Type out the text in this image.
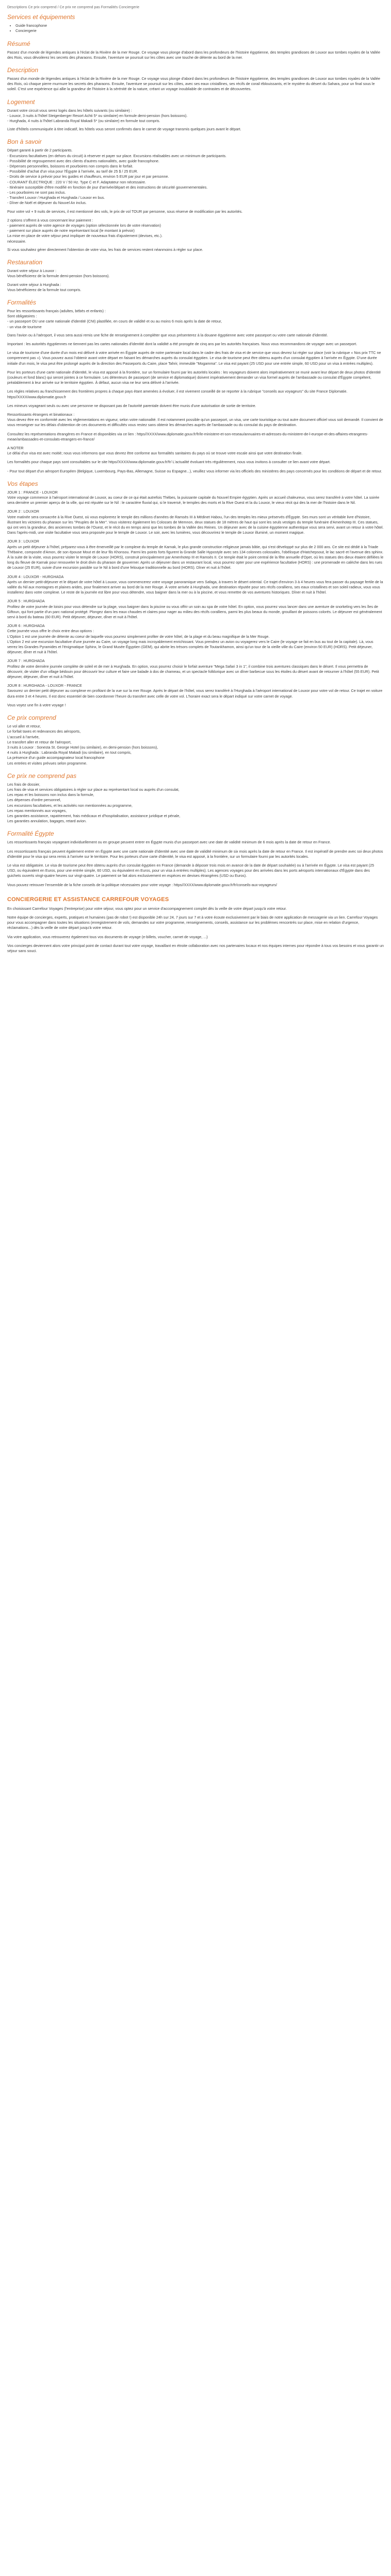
Descriptions Ce prix comprend / Ce prix ne comprend pas Formalités Conciergerie
Services et équipements
• Guide francophone
• Conciergerie
Résumé

Passez d'un monde de légendes antiques à l'éclat de la Rivière de la mer Rouge. Ce voyage vous plonge d'abord dans les profondeurs de l'histoire égyptienne, des temples grandioses de Louxor aux tombes royales de la Vallée des Rois, vous dévoilerez les secrets des pharaons. Ensuite, l'aventure se poursuit sur les côtes avec une touche de détente au bord de la mer.

Description

Passez d'un monde de légendes antiques à l'éclat de la Rivière de la mer Rouge. Ce voyage vous plonge d'abord dans les profondeurs de l'histoire égyptienne, des temples grandioses de Louxor aux tombes royales de la Vallée des Rois, où chaque pierre murmure les secrets des pharaons. Ensuite, l'aventure se poursuit sur les côtes, avec ses eaux cristallines, ses récifs de corail éblouissants, et le mystère du désert du Sahara, pour un final sous le soleil. C'est une expérience qui allie la grandeur de l'histoire à la sérénité de la nature, créant un voyage inoubliable de contrastes et de découvertes.

Logement

Durant votre circuit vous serez logés dans les hôtels suivants (ou similaire) :

- Louxor, 3 nuits à l'hôtel Steigenberger Resort Achti 5* ou similaire) en formule demi-pension (hors boissons).

- Hurghada, 4 nuits à l'hôtel Labranda Royal Makadi 5* (ou similaire) en formule tout compris.

Liste d'hôtels communiquée à titre indicatif, les hôtels vous seront confirmés dans le carnet de voyage transmis quelques jours avant le départ.

Bon à savoir

Départ garanti à partir de 2 participants.

- Excursions facultatives (en dehors du circuit) à réserver et payer sur place. Excursions réalisables avec un minimum de participants.

- Possibilité de regroupement avec des clients d'autres nationalités, avec guide francophone.

- Dépenses personnelles, boissons et pourboires non compris dans le forfait.

- Possibilité d'achat d'un visa pour l'Égypte à l'arrivée, au tarif de 25 $ / 25 EUR.

- Droits de service à prévoir pour les guides et chauffeurs, environ 5 EUR par jour et par personne.

- COURANT ÉLECTRIQUE : 220 V / 50 Hz. Type C et F. Adaptateur non nécessaire.

- Itinéraire susceptible d'être modifié en fonction de jour d'arrivée/départ et des instructions de sécurité gouvernementales.

- Les pourboires ne sont pas inclus.

- Transfert Louxor / Hurghada et Hurghada / Louxor en bus.

- Dîner de Noël et déjeuner du Nouvel An inclus.

Pour votre vol + 9 nuits de services, il est mentionné des vols, le prix de vol TOUR par personne, sous réserve de modification par les autorités.

2 options s'offrent à vous concernant leur paiement :

- paiement auprès de votre agence de voyages (option sélectionnée lors de votre réservation)

- paiement sur place auprès de notre représentant local (le montant à prévoir)

La mise en place de votre séjour peut impliquer de nouveaux frais d'ajustement (devises, etc.).

nécessaire.

Si vous souhaitez gérer directement l'obtention de votre visa, les frais de services restent néanmoins à régler sur place.

Restauration

Durant votre séjour à Louxor :

Vous bénéficierez de la formule demi-pension (hors boissons).

Durant votre séjour à Hurghada :

Vous bénéficierez de la formule tout compris.

Formalités

Pour les ressortissants français (adultes, bébés et enfants) :

Sont obligatoires :

- un passeport OU une carte nationale d'identité (CNI) plastifiée, en cours de validité et ou au moins 6 mois après la date de retour,

- un visa de tourisme

Dans l'avion ou à l'aéroport, il vous sera aussi remis une fiche de renseignement à compléter que vous présenterez à la douane égyptienne avec votre passeport ou votre carte nationale d'identité.

Important : les autorités égyptiennes ne tiennent pas les cartes nationales d'identité dont la validité a été prorogée de cinq ans par les autorités françaises. Nous vous recommandons de voyager avec un passeport.

Le visa de tourisme d'une durée d'un mois est délivré à votre arrivée en Égypte auprès de notre partenaire local dans le cadre des frais de visa et de service que vous devrez lui régler sur place (voir la rubrique « Nos prix TTC ne comprennent pas »). Vous pouvez aussi l'obtenir avant votre départ en faisant les démarches auprès du consulat égyptien. Le visa de tourisme peut être obtenu auprès d'un consulat égyptien à l'arrivée en Égypte. D'une durée initiale d'un mois, le visa peut être prolongé auprès de la direction des Passeports du Caire, place Tahrir, immeuble "Mogamma". Le visa est payant (25 USD pour une entrée simple, 60 USD pour un visa à entrées multiples).

Pour les porteurs d'une carte nationale d'identité, le visa est apposé à la frontière, sur un formulaire fourni par les autorités locales : les voyageurs doivent alors impérativement se munir avant leur départ de deux photos d'identité (couleurs et fond blanc) qui seront jointes à ce formulaire. Les détenteurs de passeport (de service et diplomatique) doivent impérativement demander un visa formel auprès de l'ambassade ou consulat d'Égypte compétent, préalablement à leur arrivée sur le territoire égyptien. À défaut, aucun visa ne leur sera délivré à l'arrivée.

Les règles relatives au franchissement des frontières propres à chaque pays étant amenées à évoluer, il est vivement conseillé de se reporter à la rubrique "conseils aux voyageurs" du site France Diplomatie. https//XXXX/www.diplomatie.gouv.fr

Les mineurs voyageant seuls ou avec une personne ne disposant pas de l'autorité parentale doivent être munis d'une autorisation de sortie de territoire.

Ressortissants étrangers et binationaux :

Vous devez être en conformité avec les réglementations en vigueur, selon votre nationalité. Il est notamment possible qu'un passeport, un visa, une carte touristique ou tout autre document officiel vous soit demandé. Il convient de vous renseigner sur les délais d'obtention de ces documents et difficultés vous restez sans obtenir les démarches auprès de l'ambassade ou du consulat du pays de destination.

Consultez les représentations étrangères en France et disponibles via ce lien : https//XXXX/www.diplomatie.gouv.fr/fr/le-ministere-et-son-reseau/annuaires-et-adresses-du-ministere-de-l-europe-et-des-affaires-etrangeres-meae/ambassades-et-consulats-etrangers-en-france/

A NOTER

Le délai d'un visa est avec moitié; nous vous informons que vous devrez être conforme aux formalités sanitaires du pays où se trouve votre escale ainsi que votre destination finale.

Les formalités pour chaque pays sont consultables sur le site https//XXXX/www.diplomatie.gouv.fr/fr/ L'actualité évoluant très régulièrement, nous vous invitons à consulter ce lien avant votre départ.

- Pour tout départ d'un aéroport Européen (Belgique, Luxembourg, Pays-Bas, Allemagne, Suisse ou Espagne...), veuillez vous informer via les officiels des ministères des pays concernés pour les conditions de départ et de retour.

Vos étapes

JOUR 1 : FRANCE - LOUXOR

Votre voyage commence à l'aéroport international de Louxor, au coeur de ce qui était autrefois Thèbes, la puissante capitale du Nouvel Empire égyptien. Après un accueil chaleureux, vous serez transféré à votre hôtel. La soirée sera dernière un premier aperçu de la ville, qui est réputée sur le Nil : le caractère fluvial qui, si le traversé, le temples des morts et la Rive Ouest et la du Louxor, le vieux récit qui des la mer de l'histoire dans le Nil.

JOUR 2 : LOUXOR

Votre matinée sera consacrée à la Rive Ouest, où vous explorerez le temple des millions d'années de Ramsès III à Médinet Habou, l'un des temples les mieux préservés d'Égypte. Ses murs sont un véritable livre d'histoire, illustrant les victoires du pharaon sur les "Peuples de la Mer". Vous visiterez également les Colosses de Memnon, deux statues de 18 mètres de haut qui sont les seuls vestiges du temple funéraire d'Amenhotep III. Ces statues, qui ont vers la grandeur, des anciennes tombes de l'Ouest, et le récit du en temps ainsi que les tombes de la Vallée des Reines. Un déjeuner avec de la cuisine égyptienne authentique vous sera servi, avant un retour à votre hôtel. Dans l'après-midi, une visite facultative vous sera proposée pour le temple de Louxor. Le soir, avec les lumières, vous découvrirez le temple de Louxor illuminé, un moment magique.

JOUR 3 : LOUXOR

Après un petit déjeuner à l'hôtel, préparez-vous à être émerveillé par le complexe du temple de Karnak, le plus grande construction religieuse jamais bâtie, qui s'est développé sur plus de 2 000 ans. Ce site est dédié à la Triade Thébaine, composée d'Amon, de son épouse Mout et de leur fils Khonsou. Parmi les points forts figurent la Grande Salle Hypostyle avec ses 134 colonnes colossales, l'obélisque d'Hatchepsout, le lac sacré et l'avenue des sphinx. À la suite de la visite, vous pourrez visiter le temple de Louxor (HORS), construit principalement par Amenhotep III et Ramsès II. Ce temple était le point central de la fête annuelle d'Opet, où les statues des dieux étaient défilées le long du fleuve de Karnak pour renouveler le droit divin du pharaon de gouverner. Après un déjeuner dans un restaurant local, vous pourrez opter pour une expérience facultative (HORS) : une promenade en calèche dans les rues de Louxor (25 EUR), suivie d'une excursion paisible sur le Nil à bord d'une felouque traditionnelle au bord (HORS). Dîner et nuit à l'hôtel.

JOUR 4 : LOUXOR - HURGHADA

Après un dernier petit-déjeuner et le départ de votre hôtel à Louxor, vous commencerez votre voyage panoramique vers Safaga, à travers le désert oriental. Ce trajet d'environ 3 à 4 heures vous fera passer du paysage fertile de la vallée du Nil aux montagnes et plaines arides, pour finalement arriver au bord de la mer Rouge. À votre arrivée à Hurghada, une destination réputée pour ses récifs coralliens, ses eaux cristallines et son soleil radieux, vous vous installerez dans votre complexe. Le reste de la journée est libre pour vous détendre, vous baigner dans la mer ou à la piscine, et vous remettre de vos aventures historiques. Dîner et nuit à l'hôtel.

JOUR 5 : HURGHADA

Profitez de votre journée de loisirs pour vous détendre sur la plage, vous baigner dans la piscine ou vous offrir un soin au spa de votre hôtel. En option, vous pourrez vous lancer dans une aventure de snorkeling vers les îles de Giftoun, qui font partie d'un parc national protégé. Plongez dans les eaux chaudes et claires pour nager au milieu des récifs coralliens, parmi les plus beaux du monde, grouillant de poissons colorés. Le déjeuner est généralement servi à bord du bateau (60 EUR). Petit déjeuner, déjeuner, dîner et nuit à l'hôtel.

JOUR 6 : HURGHADA

Cette journée vous offre le choix entre deux options :
L'Option 1 est une journée de détente au coeur de laquelle vous pourrez simplement profiter de votre hôtel, de la plage et du beau magnifique de la Mer Rouge.
L'Option 2 est une excursion facultative d'une journée au Caire, un voyage long mais incroyablement enrichissant. Vous prendrez un avion ou voyagerez vers le Caire (le voyage se fait en bus au tout de la capitale). Là, vous verrez les Grandes Pyramides et l'énigmatique Sphinx, le Grand Musée Égyptien (GEM), qui abrite les trésors complets de Toutankhamon, ainsi qu'un tour de la vieille ville du Caire (environ 50 EUR) (HORS). Petit déjeuner, déjeuner, dîner et nuit à l'hôtel.

JOUR 7 : HURGHADA

Profitez de votre dernière journée complète de soleil et de mer à Hurghada. En option, vous pourrez choisir le forfait aventure "Mega Safari 3 in 1", il combine trois aventures classiques dans le désert. Il vous permettra de découvrir, de visiter d'un village bédouin pour découvrir leur culture et faire une balade à dos de chameau, et un spectacle folklorique avec un dîner barbecue sous les étoiles du désert avant de retourner à l'hôtel (55 EUR). Petit déjeuner, déjeuner, dîner et nuit à l'hôtel.

JOUR 8 : HURGHADA - LOUXOR - FRANCE

Savourez un dernier petit déjeuner au complexe en profitant de la vue sur la mer Rouge. Après le départ de l'hôtel, vous serez transféré à l'Hurghada à l'aéroport international de Louxor pour votre vol de retour. Ce trajet en voiture dura entre 3 et 4 heures. Il est donc essentiel de bien coordonner l'heure du transfert avec celle de votre vol. L'horaire exact sera le départ indiqué sur votre carnet de voyage.

Vous voyez une fin à votre voyage !

Ce prix comprend

Le vol aller et retour,

Le forfait taxes et redevances des aéroports,

L'accueil à l'arrivée,

Le transfert aller et retour de l'aéroport,

3 nuits à Louxor : Sonesta St. George Hotel (ou similaire), en demi-pension (hors boissons),

4 nuits à Hurghada : Labranda Royal Makadi (ou similaire), en tout compris,

La présence d'un guide accompagnateur local francophone

Les entrées et visites prévues selon programme.

Ce prix ne comprend pas

Les frais de dossier,

Les frais de visa et services obligatoires à régler sur place au représentant local ou auprès d'un consulat,

Les repas et les boissons non inclus dans la formule,

Les dépenses d'ordre personnel,

Les excursions facultatives, et les activités non mentionnées au programme,

Les repas mentionnés aux voyages,

Les garanties assistance, rapatriement, frais médicaux et d'hospitalisation, assistance juridique et pénale,

Les garanties annulation, bagages, retard avion.

Formalité Égypte

Les ressortissants français voyageant individuellement ou en groupe peuvent entrer en Égypte munis d'un passeport avec une date de validité minimum de 6 mois après la date de retour en France.

Les ressortissants français peuvent également entrer en Égypte avec une carte nationale d'identité avec une date de validité minimum de six mois après la date de retour en France. Il est impératif de prendre avec soi deux photos d'identité pour le visa qui sera remis à l'arrivée sur le territoire. Pour les porteurs d'une carte d'identité, le visa est apposé, à la frontière, sur un formulaire fourni par les autorités locales.

Le visa est obligatoire. Le visa de tourisme peut être obtenu auprès d'un consulat égyptien en France (demande à déposer trois mois en avance de la date de départ souhaitée) ou à l'arrivée en Égypte. Le visa est payant (25 USD, ou équivalent en Euros, pour une entrée simple, 60 USD, ou équivalent en Euros, pour un visa à entrées multiples). Les agences voyages pour des arrivées dans les ports aéroports internationaux d'Égypte dans des guichets ouverts vingt-quatre heures sur vingt-quatre. Le paiement se fait alors exclusivement en espèces en devises étrangères (USD ou Euros).

Vous pouvez retrouver l'ensemble de la fiche conseils de la politique nécessaires pour votre voyage : https//XXXX/www.diplomatie.gouv.fr/fr/conseils-aux-voyageurs/

CONCIERGERIE ET ASSISTANCE CARREFOUR VOYAGES

En choisissant Carrefour Voyages (l'entreprise) pour votre séjour, vous optez pour un service d'accompagnement complet dès la veille de votre départ jusqu'à votre retour.

Notre équipe de concierges, experts, pratiques et humaines (pas de robot !) est disponible 24h sur 24, 7 jours sur 7 et à votre écoute exclusivement par le biais de notre application de messagerie via un lien. Carrefour Voyages pour vous accompagner dans toutes les situations (enregistrement de vols, demandes sur votre programme, renseignements, conseils, assistance sur les problèmes rencontrés sur place, mise en relation d'urgence, réclamations...) dès la veille de votre départ jusqu'à votre retour.

Via votre application, vous retrouverez également tous vos documents de voyage (e-billets, voucher, carnet de voyage, ...)

Vos concierges deviennent alors votre principal point de contact durant tout votre voyage, travaillant en étroite collaboration avec nos partenaires locaux et nos équipes internes pour répondre à tous vos besoins et vous garantir un séjour sans souci.
